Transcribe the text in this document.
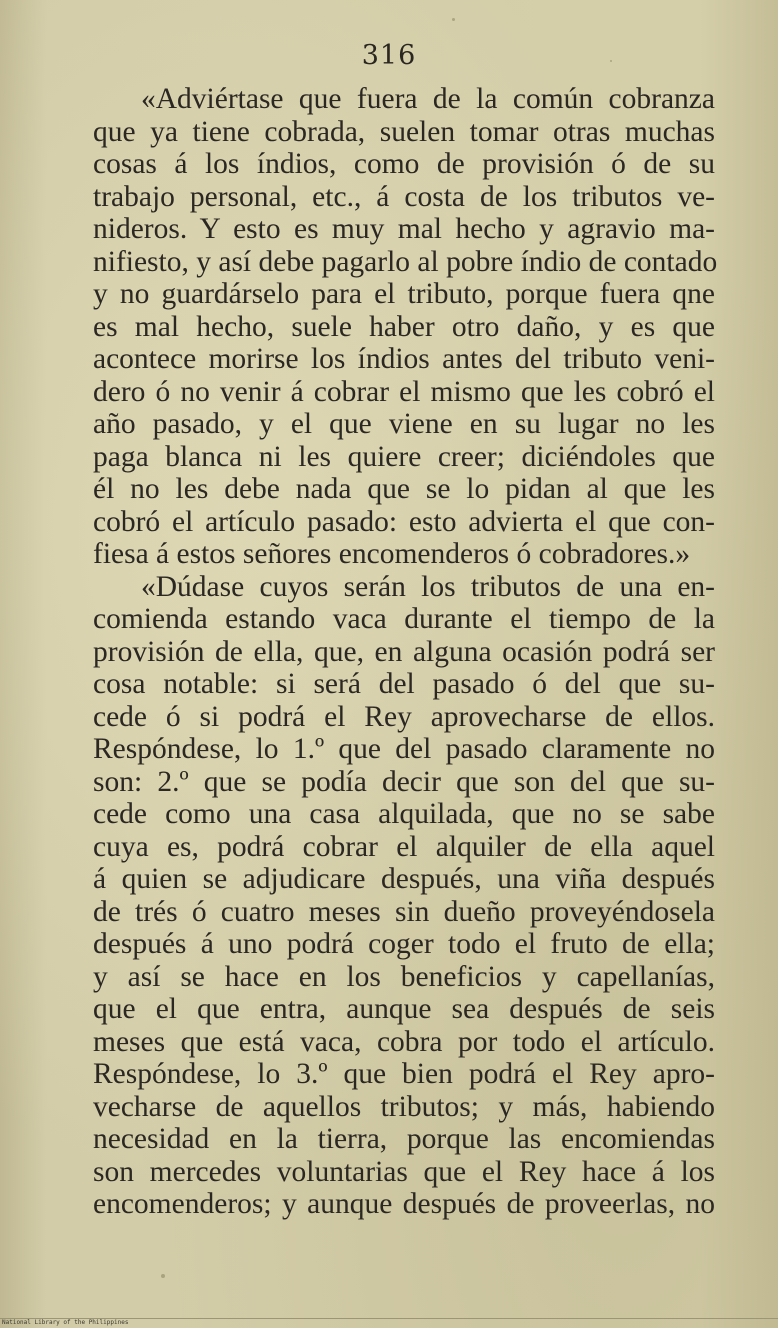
316
«Adviértase que fuera de la común cobranza
que ya tiene cobrada, suelen tomar otras muchas
cosas á los índios, como de provisión ó de su
trabajo personal, etc., á costa de los tributos ve-
nideros. Y esto es muy mal hecho y agravio ma-
nifiesto, y así debe pagarlo al pobre índio de contado
y no guardárselo para el tributo, porque fuera qne
es mal hecho, suele haber otro daño, y es que
acontece morirse los índios antes del tributo veni-
dero ó no venir á cobrar el mismo que les cobró el
año pasado, y el que viene en su lugar no les
paga blanca ni les quiere creer; diciéndoles que
él no les debe nada que se lo pidan al que les
cobró el artículo pasado: esto advierta el que con-
fiesa á estos señores encomenderos ó cobradores.»
«Dúdase cuyos serán los tributos de una en-
comienda estando vaca durante el tiempo de la
provisión de ella, que, en alguna ocasión podrá ser
cosa notable: si será del pasado ó del que su-
cede ó si podrá el Rey aprovecharse de ellos.
Respóndese, lo 1.º que del pasado claramente no
son: 2.º que se podía decir que son del que su-
cede como una casa alquilada, que no se sabe
cuya es, podrá cobrar el alquiler de ella aquel
á quien se adjudicare después, una viña después
de trés ó cuatro meses sin dueño proveyéndosela
después á uno podrá coger todo el fruto de ella;
y así se hace en los beneficios y capellanías,
que el que entra, aunque sea después de seis
meses que está vaca, cobra por todo el artículo.
Respóndese, lo 3.º que bien podrá el Rey apro-
vecharse de aquellos tributos; y más, habiendo
necesidad en la tierra, porque las encomiendas
son mercedes voluntarias que el Rey hace á los
encomenderos; y aunque después de proveerlas, no
National Library of the Philippines
